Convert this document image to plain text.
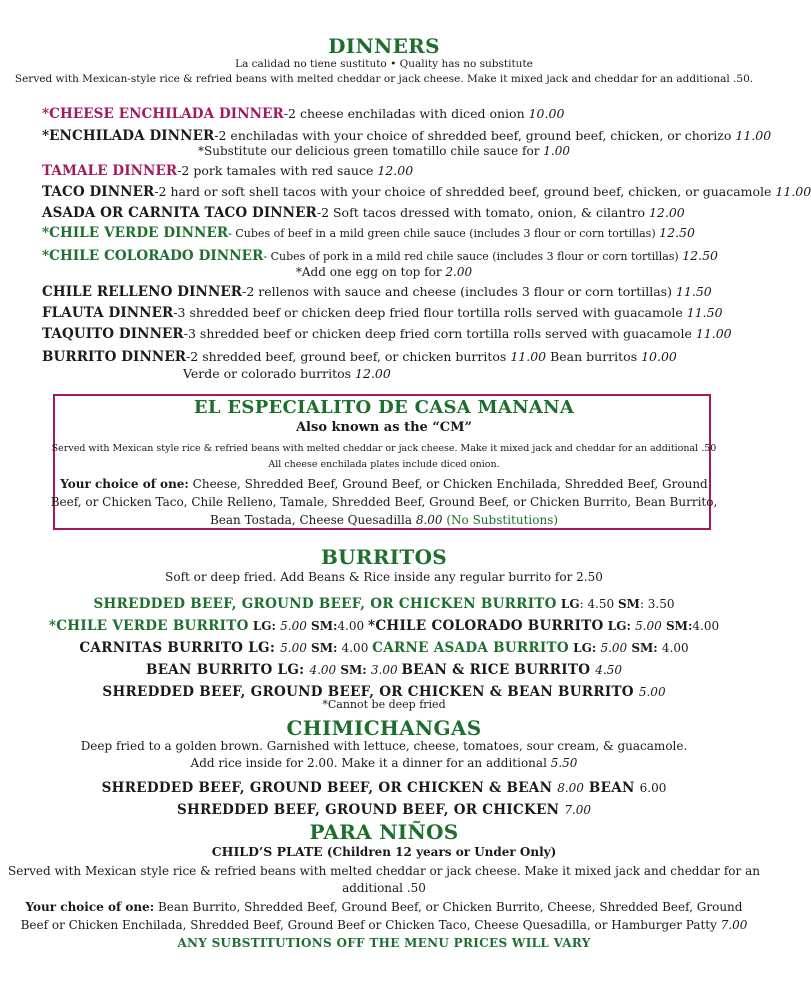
DINNERS
La calidad no tiene sustituto • Quality has no substitute
Served with Mexican-style rice & refried beans with melted cheddar or jack cheese. Make it mixed jack and cheddar for an additional .50.
*CHEESE ENCHILADA DINNER-2 cheese enchiladas with diced onion 10.00
*ENCHILADA DINNER-2 enchiladas with your choice of shredded beef, ground beef, chicken, or chorizo 11.00
*Substitute our delicious green tomatillo chile sauce for 1.00
TAMALE DINNER-2 pork tamales with red sauce 12.00
TACO DINNER-2 hard or soft shell tacos with your choice of shredded beef, ground beef, chicken, or guacamole 11.00
ASADA OR CARNITA TACO DINNER-2 Soft tacos dressed with tomato, onion, & cilantro 12.00
*CHILE VERDE DINNER- Cubes of beef in a mild green chile sauce (includes 3 flour or corn tortillas) 12.50
*CHILE COLORADO DINNER- Cubes of pork in a mild red chile sauce (includes 3 flour or corn tortillas) 12.50
*Add one egg on top for 2.00
CHILE RELLENO DINNER-2 rellenos with sauce and cheese (includes 3 flour or corn tortillas) 11.50
FLAUTA DINNER-3 shredded beef or chicken deep fried flour tortilla rolls served with guacamole 11.50
TAQUITO DINNER-3 shredded beef or chicken deep fried corn tortilla rolls served with guacamole 11.00
BURRITO DINNER-2 shredded beef, ground beef, or chicken burritos 11.00 Bean burritos 10.00
Verde or colorado burritos 12.00
EL ESPECIALITO DE CASA MANANA
Also known as the “CM”
Served with Mexican style rice & refried beans with melted cheddar or jack cheese. Make it mixed jack and cheddar for an additional .50
All cheese enchilada plates include diced onion.
Your choice of one: Cheese, Shredded Beef, Ground Beef, or Chicken Enchilada, Shredded Beef, Ground
Beef, or Chicken Taco, Chile Relleno, Tamale, Shredded Beef, Ground Beef, or Chicken Burrito, Bean Burrito,
Bean Tostada, Cheese Quesadilla 8.00 (No Substitutions)
BURRITOS
Soft or deep fried. Add Beans & Rice inside any regular burrito for 2.50
SHREDDED BEEF, GROUND BEEF, OR CHICKEN BURRITO LG: 4.50 SM: 3.50
*CHILE VERDE BURRITO LG: 5.00 SM:4.00 *CHILE COLORADO BURRITO LG: 5.00 SM:4.00
CARNITAS BURRITO LG: 5.00 SM: 4.00 CARNE ASADA BURRITO LG: 5.00 SM: 4.00
BEAN BURRITO LG: 4.00 SM: 3.00 BEAN & RICE BURRITO 4.50
SHREDDED BEEF, GROUND BEEF, OR CHICKEN & BEAN BURRITO 5.00
*Cannot be deep fried
CHIMICHANGAS
Deep fried to a golden brown. Garnished with lettuce, cheese, tomatoes, sour cream, & guacamole.
Add rice inside for 2.00. Make it a dinner for an additional 5.50
SHREDDED BEEF, GROUND BEEF, OR CHICKEN & BEAN 8.00 BEAN 6.00
SHREDDED BEEF, GROUND BEEF, OR CHICKEN 7.00
PARA NIÑOS
CHILD’S PLATE (Children 12 years or Under Only)
Served with Mexican style rice & refried beans with melted cheddar or jack cheese. Make it mixed jack and cheddar for an
additional .50
Your choice of one: Bean Burrito, Shredded Beef, Ground Beef, or Chicken Burrito, Cheese, Shredded Beef, Ground
Beef or Chicken Enchilada, Shredded Beef, Ground Beef or Chicken Taco, Cheese Quesadilla, or Hamburger Patty 7.00
ANY SUBSTITUTIONS OFF THE MENU PRICES WILL VARY
